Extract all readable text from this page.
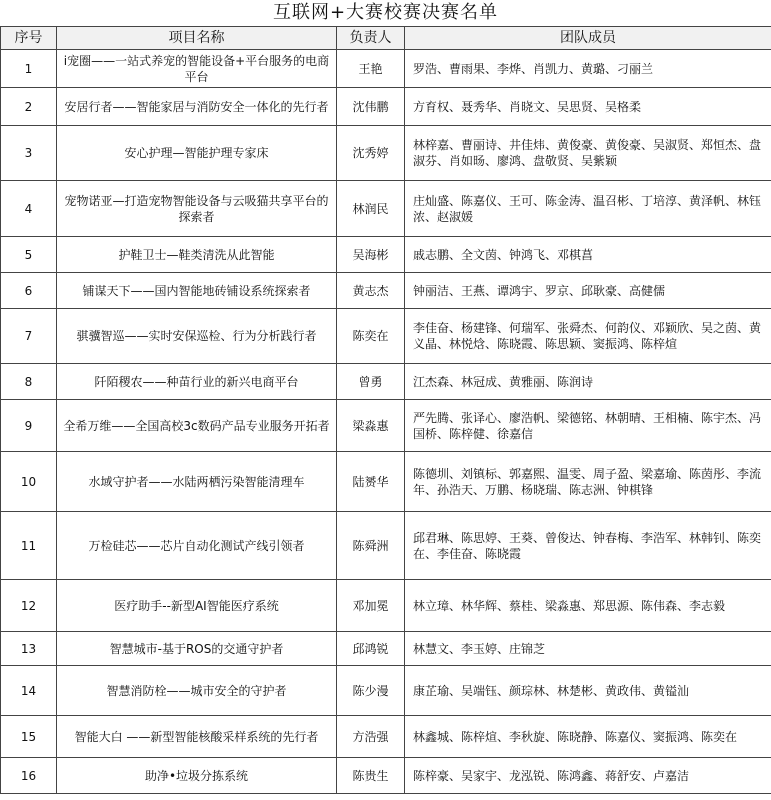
互联网+大赛校赛决赛名单
序号	项目名称	负责人	团队成员
1	i宠圈——一站式养宠的智能设备+平台服务的电商平台	王艳	罗浩、曹雨果、李烨、肖凯力、黄璐、刁丽兰
2	安居行者——智能家居与消防安全一体化的先行者	沈伟鹏	方育权、聂秀华、肖晓文、吴思贤、吴格柔
3	安心护理—智能护理专家床	沈秀婷	林梓嘉、曹丽诗、井佳炜、黄俊豪、黄俊豪、吴淑贤、郑恒杰、盘淑芬、肖如旸、廖鸿、盘敬贤、吴紫颖
4	宠物诺亚—打造宠物智能设备与云吸猫共享平台的探索者	林润民	庄灿盛、陈嘉仪、王可、陈金涛、温召彬、丁培淳、黄泽帆、林钰浓、赵淑媛
5	护鞋卫士—鞋类清洗从此智能	吴海彬	戚志鹏、全文茵、钟鸿飞、邓棋菖
6	铺谋天下——国内智能地砖铺设系统探索者	黄志杰	钟丽洁、王燕、谭鸿宇、罗京、邱耿豪、高健儒
7	骐骥智巡——实时安保巡检、行为分析践行者	陈奕在	李佳奋、杨建锋、何瑞军、张舜杰、何韵仪、邓颖欣、吴之茵、黄义晶、林悦焓、陈晓霞、陈思颖、窦振鸿、陈梓煊
8	阡陌稷农——种苗行业的新兴电商平台	曾勇	江杰森、林冠成、黄雅丽、陈润诗
9	全希万维——全国高校3c数码产品专业服务开拓者	梁淼惠	严先腾、张译心、廖浩帆、梁德铭、林朝晴、王相楠、陈宇杰、冯国桥、陈梓健、徐嘉信
10	水域守护者——水陆两栖污染智能清理车	陆赟华	陈德圳、刘镇标、郭嘉熙、温雯、周子盈、梁嘉瑜、陈茵彤、李流年、孙浩天、万鹏、杨晓瑞、陈志洲、钟棋锋
11	万检硅芯——芯片自动化测试产线引领者	陈舜洲	邱君琳、陈思婷、王葵、曾俊达、钟春梅、李浩军、林韩钊、陈奕在、李佳奋、陈晓霞
12	医疗助手--新型AI智能医疗系统	邓加冕	林立璋、林华辉、蔡桂、梁淼惠、郑思源、陈伟森、李志毅
13	智慧城市-基于ROS的交通守护者	邱鸿锐	林慧文、李玉婷、庄锦芝
14	智慧消防栓——城市安全的守护者	陈少漫	康芷瑜、吴端钰、颜琮林、林楚彬、黄政伟、黄镒汕
15	智能大白 ——新型智能核酸采样系统的先行者	方浩强	林鑫城、陈梓煊、李秋旋、陈晓静、陈嘉仪、窦振鸿、陈奕在
16	助净•垃圾分拣系统	陈贵生	陈梓豪、吴家宇、龙泓锐、陈鸿鑫、蒋舒安、卢嘉洁
